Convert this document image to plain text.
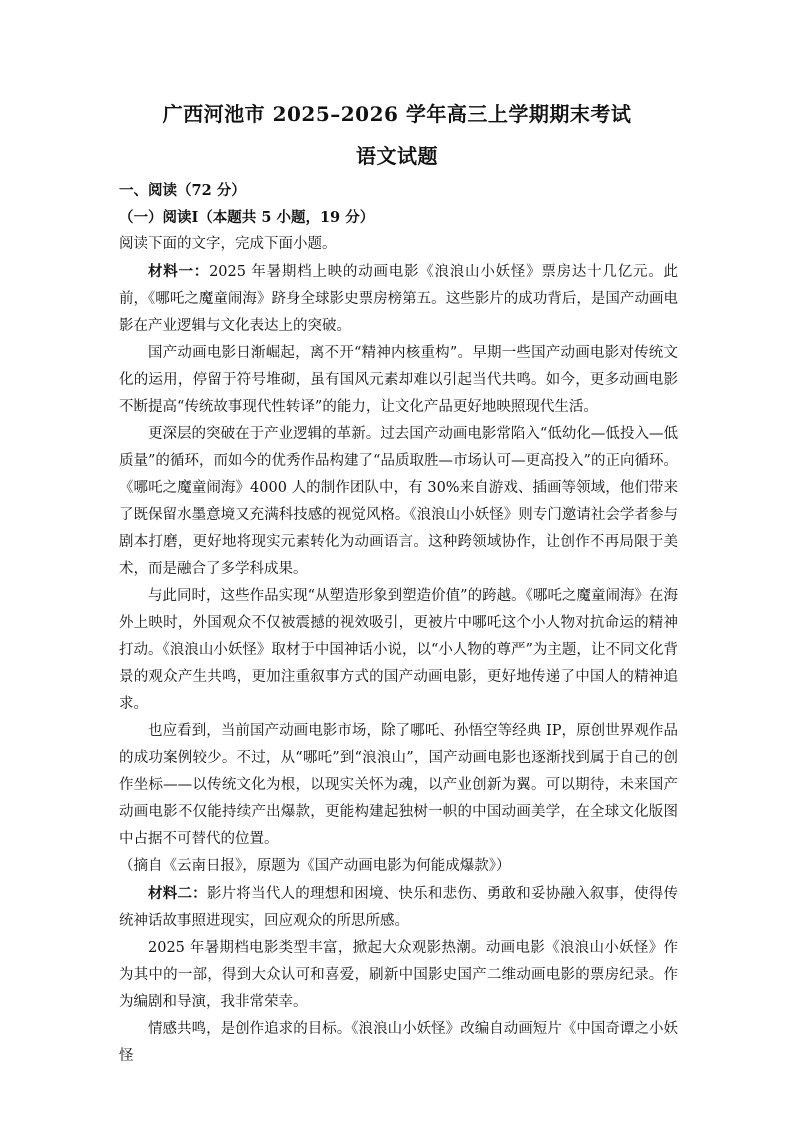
广西河池市 2025–2026 学年高三上学期期末考试
语文试题

一、阅读（72 分）

（一）阅读Ⅰ（本题共 5 小题，19 分）

阅读下面的文字，完成下面小题。

材料一：2025 年暑期档上映的动画电影《浪浪山小妖怪》票房达十几亿元。此前，《哪吒之魔童闹海》跻身全球影史票房榜第五。这些影片的成功背后，是国产动画电影在产业逻辑与文化表达上的突破。

国产动画电影日渐崛起，离不开“精神内核重构”。早期一些国产动画电影对传统文化的运用，停留于符号堆砌，虽有国风元素却难以引起当代共鸣。如今，更多动画电影不断提高“传统故事现代性转译”的能力，让文化产品更好地映照现代生活。

更深层的突破在于产业逻辑的革新。过去国产动画电影常陷入“低幼化—低投入—低质量”的循环，而如今的优秀作品构建了“品质取胜—市场认可—更高投入”的正向循环。《哪吒之魔童闹海》4000 人的制作团队中，有 30%来自游戏、插画等领域，他们带来了既保留水墨意境又充满科技感的视觉风格。《浪浪山小妖怪》则专门邀请社会学者参与剧本打磨，更好地将现实元素转化为动画语言。这种跨领域协作，让创作不再局限于美术，而是融合了多学科成果。

与此同时，这些作品实现“从塑造形象到塑造价值”的跨越。《哪吒之魔童闹海》在海外上映时，外国观众不仅被震撼的视效吸引，更被片中哪吒这个小人物对抗命运的精神打动。《浪浪山小妖怪》取材于中国神话小说，以“小人物的尊严”为主题，让不同文化背景的观众产生共鸣，更加注重叙事方式的国产动画电影，更好地传递了中国人的精神追求。

也应看到，当前国产动画电影市场，除了哪吒、孙悟空等经典 IP，原创世界观作品的成功案例较少。不过，从“哪吒”到“浪浪山”，国产动画电影也逐渐找到属于自己的创作坐标——以传统文化为根，以现实关怀为魂，以产业创新为翼。可以期待，未来国产动画电影不仅能持续产出爆款，更能构建起独树一帜的中国动画美学，在全球文化版图中占据不可替代的位置。

（摘自《云南日报》，原题为《国产动画电影为何能成爆款》）

材料二：影片将当代人的理想和困境、快乐和悲伤、勇敢和妥协融入叙事，使得传统神话故事照进现实，回应观众的所思所感。

2025 年暑期档电影类型丰富，掀起大众观影热潮。动画电影《浪浪山小妖怪》作为其中的一部，得到大众认可和喜爱，刷新中国影史国产二维动画电影的票房纪录。作为编剧和导演，我非常荣幸。

情感共鸣，是创作追求的目标。《浪浪山小妖怪》改编自动画短片《中国奇谭之小妖怪
